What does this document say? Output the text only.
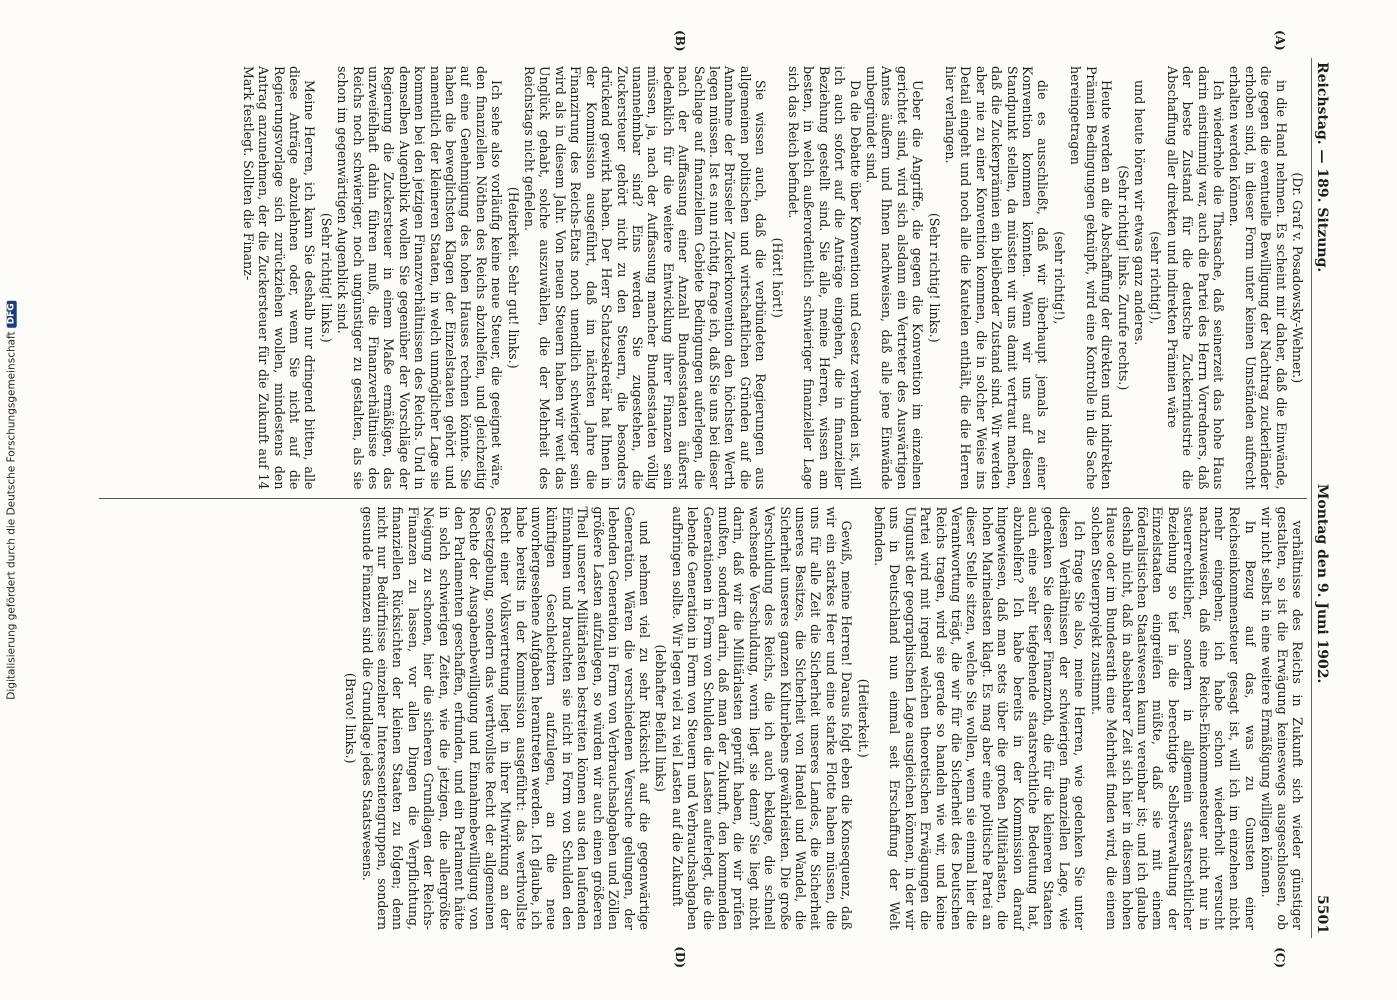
Digitalisierung gefördert durch die Deutsche Forschungsgemeinschaft
DFG
Reichstag. — 189. Sitzung.
Montag den 9. Juni 1902.
5501
(A)
(B)

(Dr. Graf v. Posadowsky-Wehner.)

in die Hand nehmen. Es scheint mir daher, daß die Einwände, die gegen die eventuelle Bewilligung der Nachtrag zuckerländer erhoben sind, in dieser Form unter keinen Umständen aufrecht erhalten werden können.

Ich wiederhole die Thatsache, daß seinerzeit das hohe Haus darin einstimmig war, auch die Partei des Herrn Vorredners, daß der beste Zustand für die deutsche Zuckerindustrie die Abschaffung aller direkten und indirekten Prämien wäre

(sehr richtig!),

und heute hören wir etwas ganz anderes.

(Sehr richtig! links. Zurufe rechts.)

Heute werden an die Abschaffung der direkten und indirekten Prämien Bedingungen geknüpft, wird eine Kontrolle in die Sache hereingetragen

(sehr richtig!),

die es ausschließt, daß wir überhaupt jemals zu einer Konvention kommen könnten. Wenn wir uns auf diesen Standpunkt stellen, da müssten wir uns damit vertraut machen, daß die Zuckerprämien ein bleibender Zustand sind. Wir werden aber nie zu einer Konvention kommen, die in solcher Weise ins Detail eingeht und noch alle die Kautelen enthält, die die Herren hier verlangen.

(Sehr richtig! links.)

Ueber die Angriffe, die gegen die Konvention im einzelnen gerichtet sind, wird sich alsdann ein Vertreter des Auswärtigen Amtes äußern und Ihnen nachweisen, daß alle jene Einwände unbegründet sind.

Da die Debatte über Konvention und Gesetz verbunden ist, will ich auch sofort auf die Anträge eingehen, die in finanzieller Beziehung gestellt sind. Sie alle, meine Herren, wissen am besten, in welch außerordentlich schwieriger finanzieller Lage sich das Reich befindet.

(Hört! hört!)

Sie wissen auch, daß die verbündeten Regierungen aus allgemeinen politischen und wirtschaftlichen Gründen auf die Annahme der Brüsseler Zuckerkonvention den höchsten Werth legen müssen. Ist es nun richtig, frage ich, daß Sie uns bei dieser Sachlage auf finanziellem Gebiete Bedingungen auferlegen, die nach der Auffassung einer Anzahl Bundesstaaten äußerst bedenklich für die weitere Entwicklung ihrer Finanzen sein müssen, ja, nach der Auffassung mancher Bundesstaaten völlig unannehmbar sind? Eins werden Sie zugestehen, die Zuckersteuer gehört nicht zu den Steuern, die besonders drückend gewirkt haben. Der Herr Schatzsekretär hat Ihnen in der Kommission ausgeführt, daß im nächsten Jahre die Finanzirung des Reichs-Etats noch unendlich schwieriger sein wird als in diesem Jahr. Von neuen Steuern haben wir weit das Unglück gehabt, solche auszuwählen, die der Mehrheit des Reichstags nicht gefielen.

(Heiterkeit. Sehr gut! links.)

Ich sehe also vorläufig keine neue Steuer, die geeignet wäre, den finanziellen Nöthen des Reichs abzuhelfen, und gleichzeitig auf eine Genehmigung des hohen Hauses rechnen könnte. Sie haben die beweglichsten Klagen der Einzelstaaten gehört und namentlich der kleineren Staaten, in welch unmöglicher Lage sie kommen bei den jetzigen Finanzverhältnissen des Reichs. Und in demselben Augenblick wollen Sie gegenüber der Vorschläge der Regierung die Zuckersteuer in einem Maße ermäßigen, das unzweifelhaft dahin führen muß, die Finanzverhältnisse des Reichs noch schwieriger, noch ungünstiger zu gestalten, als sie schon im gegenwärtigen Augenblick sind.

(Sehr richtig! links.)

Meine Herren, ich kann Sie deshalb nur dringend bitten, alle diese Anträge abzulehnen oder, wenn Sie nicht auf die Regierungsvorlage sich zurückziehen wollen, mindestens den Antrag anzunehmen, der die Zuckersteuer für die Zukunft auf 14 Mark festlegt. Sollten die Finanz-

(C)
(D)

verhältnisse des Reichs in Zukunft sich wieder günstiger gestalten, so ist die Erwägung keineswegs ausgeschlossen, ob wir nicht selbst in eine weitere Ermäßigung willigen können.

In Bezug auf das, was zu Gunsten einer Reichseinkommensteuer gesagt ist, will ich im einzelnen nicht mehr eingehen; ich habe schon wiederholt versucht nachzuweisen, daß eine Reichs-Einkommensteuer nicht nur in steuerrechtlicher, sondern in allgemein staatsrechtlicher Beziehung so tief in die berechtigte Selbstverwaltung der Einzelstaaten eingreifen müßte, daß sie mit einem föderalistischen Staatswesen kaum vereinbar ist; und ich glaube deshalb nicht, daß in absehbarer Zeit sich hier in diesem hohen Hause oder im Bundesrath eine Mehrheit finden wird, die einem solchen Steuerprojekt zustimmt.

Ich frage Sie also, meine Herren, wie gedenken Sie unter diesen Verhältnissen der schwierigen finanziellen Lage, wie gedenken Sie dieser Finanznoth, die für die kleineren Staaten auch eine sehr tiefgehende staatsrechtliche Bedeutung hat, abzuhelfen? Ich habe bereits in der Kommission darauf hingewiesen, daß man stets über die großen Militärlasten, die hohen Marinelasten klagt. Es mag aber eine politische Partei an dieser Stelle sitzen, welche Sie wollen, wenn sie einmal hier die Verantwortung trägt, die wir für die Sicherheit des Deutschen Reichs tragen, wird sie gerade so handeln wie wir, und keine Partei wird mit irgend welchen theoretischen Erwägungen die Ungunst der geographischen Lage ausgleichen können, in der wir uns in Deutschland nun einmal seit Erschaffung der Welt befinden.

(Heiterkeit.)

Gewiß, meine Herren! Daraus folgt eben die Konsequenz, daß wir ein starkes Heer und eine starke Flotte haben müssen, die uns für alle Zeit die Sicherheit unseres Landes, die Sicherheit unseres Besitzes, die Sicherheit von Handel und Wandel, die Sicherheit unseres ganzen Kulturlebens gewährleisten. Die große Verschuldung des Reichs, die ich auch beklage, die schnell wachsende Verschuldung, worin liegt sie denn? Sie liegt nicht darin, daß wir die Militärlasten geprüft haben, die wir prüfen mußten, sondern darin, daß man der Zukunft, den kommenden Generationen in Form von Schulden die Lasten auferlegt, die die lebende Generation in Form von Steuern und Verbrauchsabgaben aufbringen sollte. Wir legen viel zu viel Lasten auf die Zukunft

(lebhafter Beifall links)

und nehmen viel zu sehr Rücksicht auf die gegenwärtige Generation. Wären die verschiedenen Versuche gelungen, der lebenden Generation in Form von Verbrauchsabgaben und Zöllen größere Lasten aufzulegen, so würden wir auch einen größeren Theil unserer Militärlasten bestreiten können aus den laufenden Einnahmen und brauchten sie nicht in Form von Schulden den künftigen Geschlechtern aufzulegen, an die neue unvorhergesehene Aufgaben herantreten werden. Ich glaube, ich habe bereits in der Kommission ausgeführt: das werthvollste Recht einer Volksvertretung liegt in ihrer Mitwirkung an der Gesetzgebung, sondern das werthvollste Recht der allgemeinen Rechte der Ausgabenbewilligung und Einnahmebewilligung von den Parlamenten geschaffen, erfunden, und ein Parlament hätte in solch schwierigen Zeiten, wie die jetzigen, die allergrößte Neigung zu schonen, hier die sicheren Grundlagen der Reichs-Finanzen zu lassen, vor allen Dingen die Verpflichtung, finanziellen Rücksichten der kleinen Staaten zu folgen; denn nicht nur Bedürfnisse einzelner Interessentengruppen, sondern gesunde Finanzen sind die Grundlage jedes Staatswesens.

(Bravo! links.)
